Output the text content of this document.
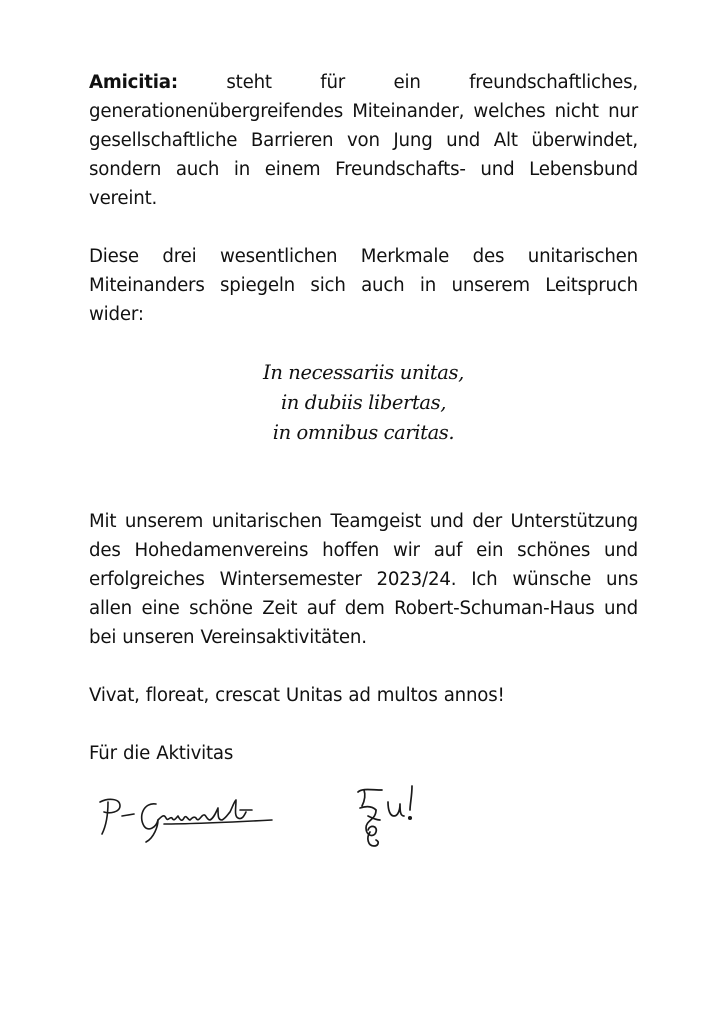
Amicitia: steht für ein freundschaftliches, generationenübergreifendes Miteinander, welches nicht nur gesellschaftliche Barrieren von Jung und Alt überwindet, sondern auch in einem Freundschafts- und Lebensbund vereint.

Diese drei wesentlichen Merkmale des unitarischen Miteinanders spiegeln sich auch in unserem Leitspruch wider:

In necessariis unitas,
in dubiis libertas,
in omnibus caritas.

Mit unserem unitarischen Teamgeist und der Unterstützung des Hohedamenvereins hoffen wir auf ein schönes und erfolgreiches Wintersemester 2023/24. Ich wünsche uns allen eine schöne Zeit auf dem Robert-Schuman-Haus und bei unseren Vereinsaktivitäten.

Vivat, floreat, crescat Unitas ad multos annos!

Für die Aktivitas
